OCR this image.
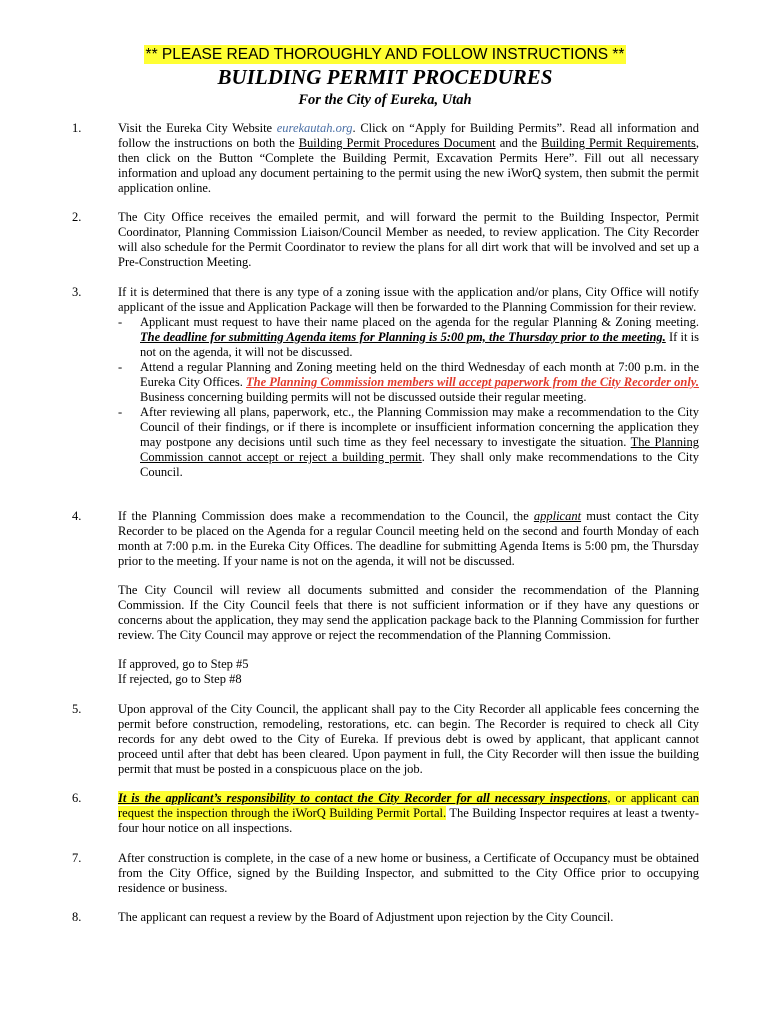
** PLEASE READ THOROUGHLY AND FOLLOW INSTRUCTIONS **
BUILDING PERMIT PROCEDURES
For the City of Eureka, Utah
1.	Visit the Eureka City Website eurekautah.org. Click on “Apply for Building Permits”. Read all information and follow the instructions on both the Building Permit Procedures Document and the Building Permit Requirements, then click on the Button “Complete the Building Permit, Excavation Permits Here”. Fill out all necessary information and upload any document pertaining to the permit using the new iWorQ system, then submit the permit application online.

2.	The City Office receives the emailed permit, and will forward the permit to the Building Inspector, Permit Coordinator, Planning Commission Liaison/Council Member as needed, to review application. The City Recorder will also schedule for the Permit Coordinator to review the plans for all dirt work that will be involved and set up a Pre-Construction Meeting.

3.	If it is determined that there is any type of a zoning issue with the application and/or plans, City Office will notify applicant of the issue and Application Package will then be forwarded to the Planning Commission for their review.

- Applicant must request to have their name placed on the agenda for the regular Planning & Zoning meeting. The deadline for submitting Agenda items for Planning is 5:00 pm, the Thursday prior to the meeting. If it is not on the agenda, it will not be discussed.

- Attend a regular Planning and Zoning meeting held on the third Wednesday of each month at 7:00 p.m. in the Eureka City Offices. The Planning Commission members will accept paperwork from the City Recorder only. Business concerning building permits will not be discussed outside their regular meeting.

- After reviewing all plans, paperwork, etc., the Planning Commission may make a recommendation to the City Council of their findings, or if there is incomplete or insufficient information concerning the application they may postpone any decisions until such time as they feel necessary to investigate the situation. The Planning Commission cannot accept or reject a building permit. They shall only make recommendations to the City Council.

4.	If the Planning Commission does make a recommendation to the Council, the applicant must contact the City Recorder to be placed on the Agenda for a regular Council meeting held on the second and fourth Monday of each month at 7:00 p.m. in the Eureka City Offices. The deadline for submitting Agenda Items is 5:00 pm, the Thursday prior to the meeting. If your name is not on the agenda, it will not be discussed.

The City Council will review all documents submitted and consider the recommendation of the Planning Commission. If the City Council feels that there is not sufficient information or if they have any questions or concerns about the application, they may send the application package back to the Planning Commission for further review. The City Council may approve or reject the recommendation of the Planning Commission.

If approved, go to Step #5

If rejected, go to Step #8

5.	Upon approval of the City Council, the applicant shall pay to the City Recorder all applicable fees concerning the permit before construction, remodeling, restorations, etc. can begin. The Recorder is required to check all City records for any debt owed to the City of Eureka. If previous debt is owed by applicant, that applicant cannot proceed until after that debt has been cleared. Upon payment in full, the City Recorder will then issue the building permit that must be posted in a conspicuous place on the job.

6.	It is the applicant’s responsibility to contact the City Recorder for all necessary inspections, or applicant can request the inspection through the iWorQ Building Permit Portal. The Building Inspector requires at least a twenty-four hour notice on all inspections.

7.	After construction is complete, in the case of a new home or business, a Certificate of Occupancy must be obtained from the City Office, signed by the Building Inspector, and submitted to the City Office prior to occupying residence or business.

8.	The applicant can request a review by the Board of Adjustment upon rejection by the City Council.
